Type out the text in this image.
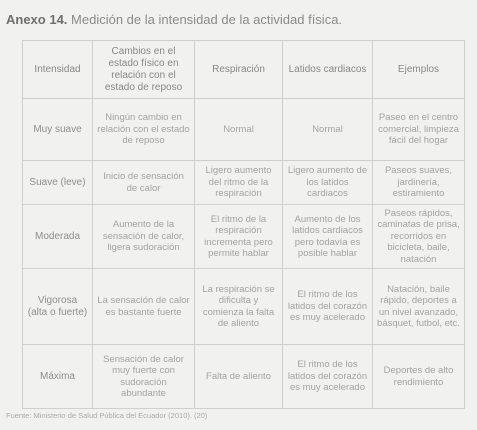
Anexo 14. Medición de la intensidad de la actividad física.
Intensidad	Cambios en el estado físico en relación con el estado de reposo	Respiración	Latidos cardiacos	Ejemplos
Muy suave	Ningún cambio en relación con el estado de reposo	Normal	Normal	Paseo en el centro comercial, limpieza fácil del hogar
Suave (leve)	Inicio de sensación de calor	Ligero aumento del ritmo de la respiración	Ligero aumento de los latidos cardiacos	Paseos suaves, jardinería, estiramiento
Moderada	Aumento de la sensación de calor, ligera sudoración	El ritmo de la respiración incrementa pero permite hablar	Aumento de los latidos cardiacos pero todavía es posible hablar	Paseos rápidos, caminatas de prisa, recorridos en bicicleta, baile, natación
Vigorosa (alta o fuerte)	La sensación de calor es bastante fuerte	La respiración se dificulta y comienza la falta de aliento	El ritmo de los latidos del corazón es muy acelerado	Natación, baile rápido, deportes a un nivel avanzado, básquet, futbol, etc.
Máxima	Sensación de calor muy fuerte con sudoración abundante	Falta de aliento	El ritmo de los latidos del corazón es muy acelerado	Deportes de alto rendimiento
Fuente: Ministerio de Salud Pública del Ecuador (2010). (20)
